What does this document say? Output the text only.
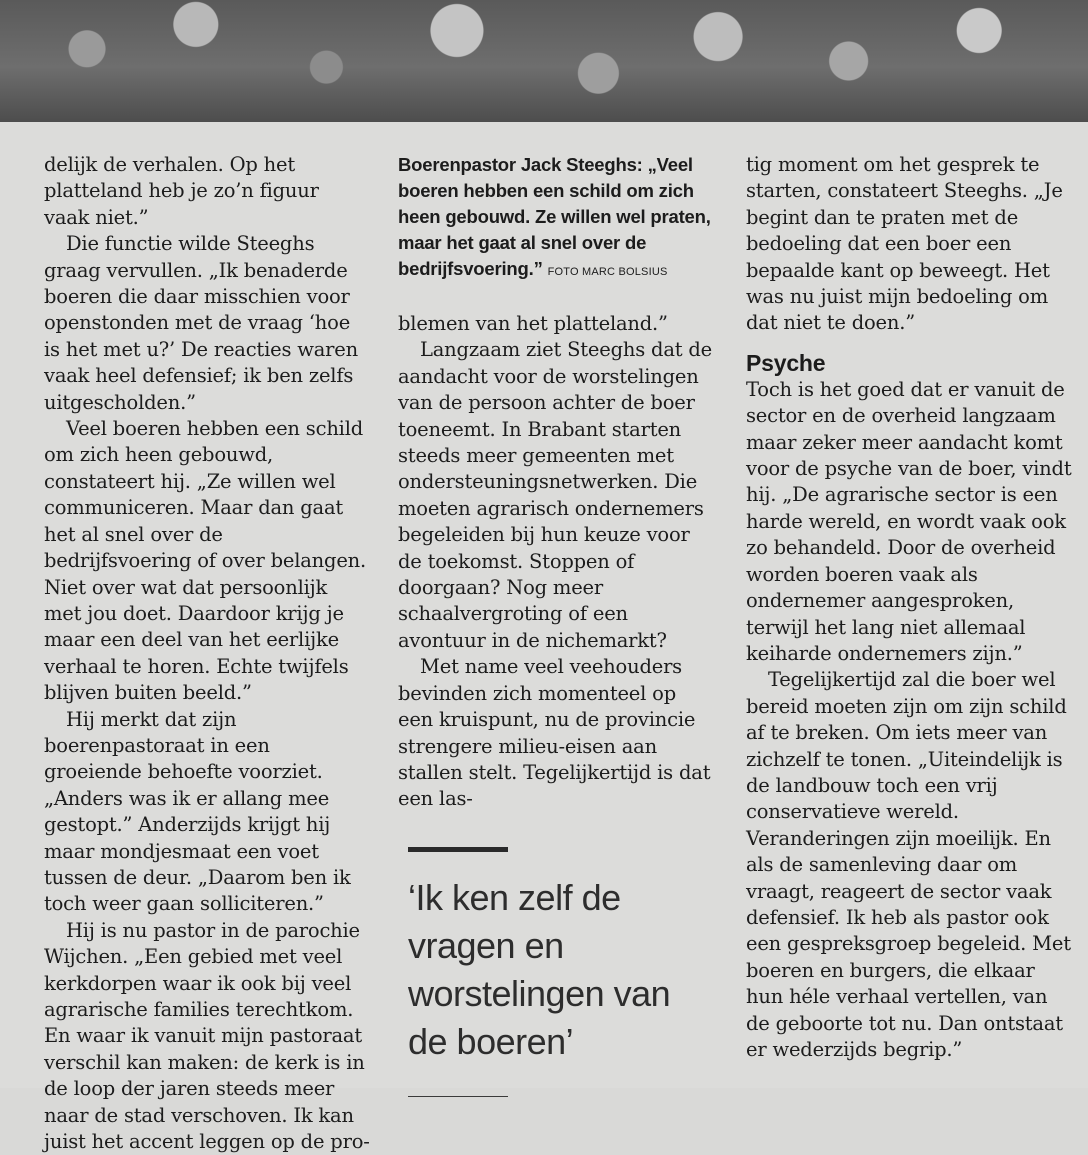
delijk de verhalen. Op het platteland heb je zo’n figuur vaak niet.”

Die functie wilde Steeghs graag vervullen. „Ik benaderde boeren die daar misschien voor openstonden met de vraag ‘hoe is het met u?’ De reacties waren vaak heel defensief; ik ben zelfs uitgescholden.”

Veel boeren hebben een schild om zich heen gebouwd, constateert hij. „Ze willen wel communiceren. Maar dan gaat het al snel over de bedrijfsvoering of over belangen. Niet over wat dat persoonlijk met jou doet. Daardoor krijg je maar een deel van het eerlijke verhaal te horen. Echte twijfels blijven buiten beeld.”

Hij merkt dat zijn boerenpastoraat in een groeiende behoefte voorziet. „Anders was ik er allang mee gestopt.” Anderzijds krijgt hij maar mondjesmaat een voet tussen de deur. „Daarom ben ik toch weer gaan solliciteren.”

Hij is nu pastor in de parochie Wijchen. „Een gebied met veel kerkdorpen waar ik ook bij veel agrarische families terechtkom. En waar ik vanuit mijn pastoraat verschil kan maken: de kerk is in de loop der jaren steeds meer naar de stad verschoven. Ik kan juist het accent leggen op de pro-

Boerenpastor Jack Steeghs: „Veel boeren hebben een schild om zich heen gebouwd. Ze willen wel praten, maar het gaat al snel over de bedrijfsvoering.” FOTO MARC BOLSIUS

blemen van het platteland.”

Langzaam ziet Steeghs dat de aandacht voor de worstelingen van de persoon achter de boer toeneemt. In Brabant starten steeds meer gemeenten met ondersteuningsnetwerken. Die moeten agrarisch ondernemers begeleiden bij hun keuze voor de toekomst. Stoppen of doorgaan? Nog meer schaalvergroting of een avontuur in de nichemarkt?

Met name veel veehouders bevinden zich momenteel op een kruispunt, nu de provincie strengere milieu-eisen aan stallen stelt. Tegelijkertijd is dat een las-

‘Ik ken zelf de vragen en worstelingen van de boeren’

tig moment om het gesprek te starten, constateert Steeghs. „Je begint dan te praten met de bedoeling dat een boer een bepaalde kant op beweegt. Het was nu juist mijn bedoeling om dat niet te doen.”

Psyche

Toch is het goed dat er vanuit de sector en de overheid langzaam maar zeker meer aandacht komt voor de psyche van de boer, vindt hij. „De agrarische sector is een harde wereld, en wordt vaak ook zo behandeld. Door de overheid worden boeren vaak als ondernemer aangesproken, terwijl het lang niet allemaal keiharde ondernemers zijn.”

Tegelijkertijd zal die boer wel bereid moeten zijn om zijn schild af te breken. Om iets meer van zichzelf te tonen. „Uiteindelijk is de landbouw toch een vrij conservatieve wereld. Veranderingen zijn moeilijk. En als de samenleving daar om vraagt, reageert de sector vaak defensief. Ik heb als pastor ook een gespreksgroep begeleid. Met boeren en burgers, die elkaar hun héle verhaal vertellen, van de geboorte tot nu. Dan ontstaat er wederzijds begrip.”
